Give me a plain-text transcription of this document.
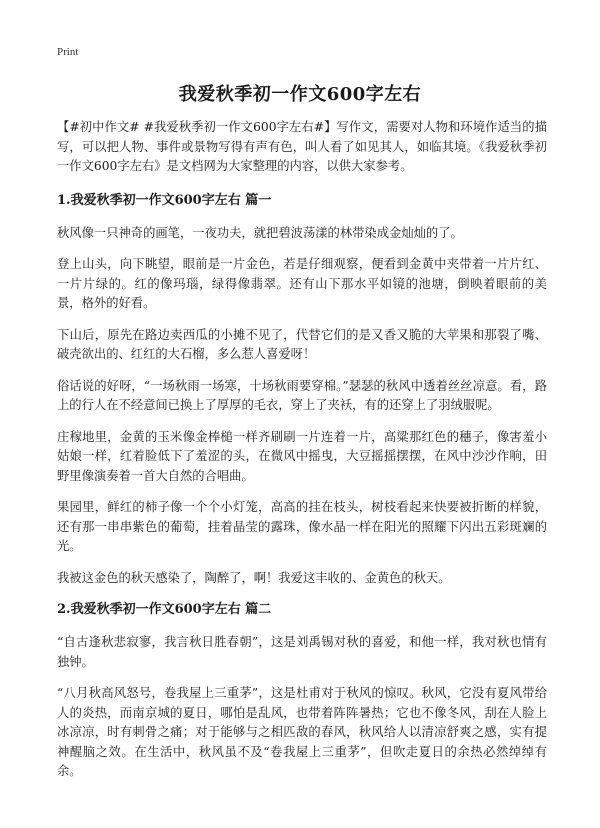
Print
我爱秋季初一作文600字左右

【#初中作文# #我爱秋季初一作文600字左右#】写作文，需要对人物和环境作适当的描写，可以把人物、事件或景物写得有声有色，叫人看了如见其人，如临其境。《我爱秋季初一作文600字左右》是文档网为大家整理的内容，以供大家参考。

1.我爱秋季初一作文600字左右 篇一

秋风像一只神奇的画笔，一夜功夫，就把碧波荡漾的林带染成金灿灿的了。

登上山头，向下眺望，眼前是一片金色，若是仔细观察，便看到金黄中夹带着一片片红、一片片绿的。红的像玛瑙，绿得像翡翠。还有山下那水平如镜的池塘，倒映着眼前的美景，格外的好看。

下山后，原先在路边卖西瓜的小摊不见了，代替它们的是又香又脆的大苹果和那裂了嘴、破壳欲出的、红红的大石榴，多么惹人喜爱呀！

俗话说的好呀，“一场秋雨一场寒，十场秋雨要穿棉。”瑟瑟的秋风中透着丝丝凉意。看，路上的行人在不经意间已换上了厚厚的毛衣，穿上了夹袄，有的还穿上了羽绒服呢。

庄稼地里，金黄的玉米像金棒槌一样齐刷刷一片连着一片，高粱那红色的穗子，像害羞小姑娘一样，红着脸低下了羞涩的头，在微风中摇曳，大豆摇摇摆摆，在风中沙沙作响，田野里像演奏着一首大自然的合唱曲。

果园里，鲜红的柿子像一个个小灯笼，高高的挂在枝头，树枝看起来快要被折断的样貌，还有那一串串紫色的葡萄，挂着晶莹的露珠，像水晶一样在阳光的照耀下闪出五彩斑斓的光。

我被这金色的秋天感染了，陶醉了，啊！我爱这丰收的、金黄色的秋天。

2.我爱秋季初一作文600字左右 篇二

“自古逢秋悲寂寥，我言秋日胜春朝”，这是刘禹锡对秋的喜爱，和他一样，我对秋也情有独钟。

“八月秋高风怒号，卷我屋上三重茅”，这是杜甫对于秋风的惊叹。秋风，它没有夏风带给人的炎热，而南京城的夏日，哪怕是乱风，也带着阵阵暑热；它也不像冬风，刮在人脸上冰凉凉，时有刺骨之痛；对于能够与之相匹敌的春风，秋风给人以清凉舒爽之感，实有提神醒脑之效。在生活中，秋风虽不及“卷我屋上三重茅”，但吹走夏日的余热必然绰绰有余。
